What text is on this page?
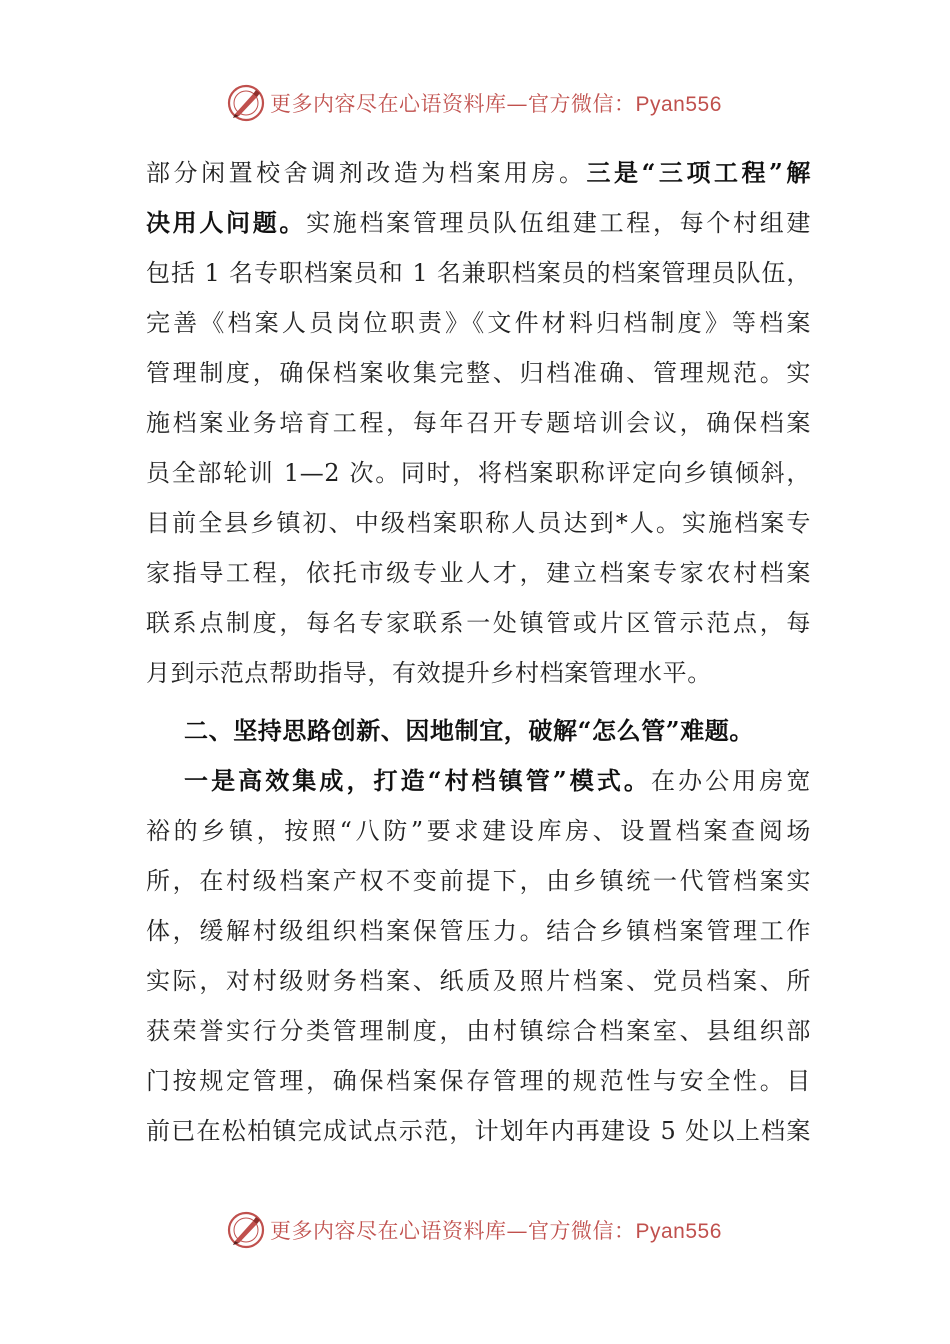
更多内容尽在心语资料库—官方微信：Pyan556
部分闲置校舍调剂改造为档案用房。三是“三项工程”解
决用人问题。实施档案管理员队伍组建工程，每个村组建
包括 1 名专职档案员和 1 名兼职档案员的档案管理员队伍，
完善《档案人员岗位职责》《文件材料归档制度》等档案
管理制度，确保档案收集完整、归档准确、管理规范。实
施档案业务培育工程，每年召开专题培训会议，确保档案
员全部轮训 1—2 次。同时，将档案职称评定向乡镇倾斜，
目前全县乡镇初、中级档案职称人员达到*人。实施档案专
家指导工程，依托市级专业人才，建立档案专家农村档案
联系点制度，每名专家联系一处镇管或片区管示范点，每
月到示范点帮助指导，有效提升乡村档案管理水平。
二、坚持思路创新、因地制宜，破解“怎么管”难题。
一是高效集成，打造“村档镇管”模式。在办公用房宽
裕的乡镇，按照“八防”要求建设库房、设置档案查阅场
所，在村级档案产权不变前提下，由乡镇统一代管档案实
体，缓解村级组织档案保管压力。结合乡镇档案管理工作
实际，对村级财务档案、纸质及照片档案、党员档案、所
获荣誉实行分类管理制度，由村镇综合档案室、县组织部
门按规定管理，确保档案保存管理的规范性与安全性。目
前已在松柏镇完成试点示范，计划年内再建设 5 处以上档案
更多内容尽在心语资料库—官方微信：Pyan556
